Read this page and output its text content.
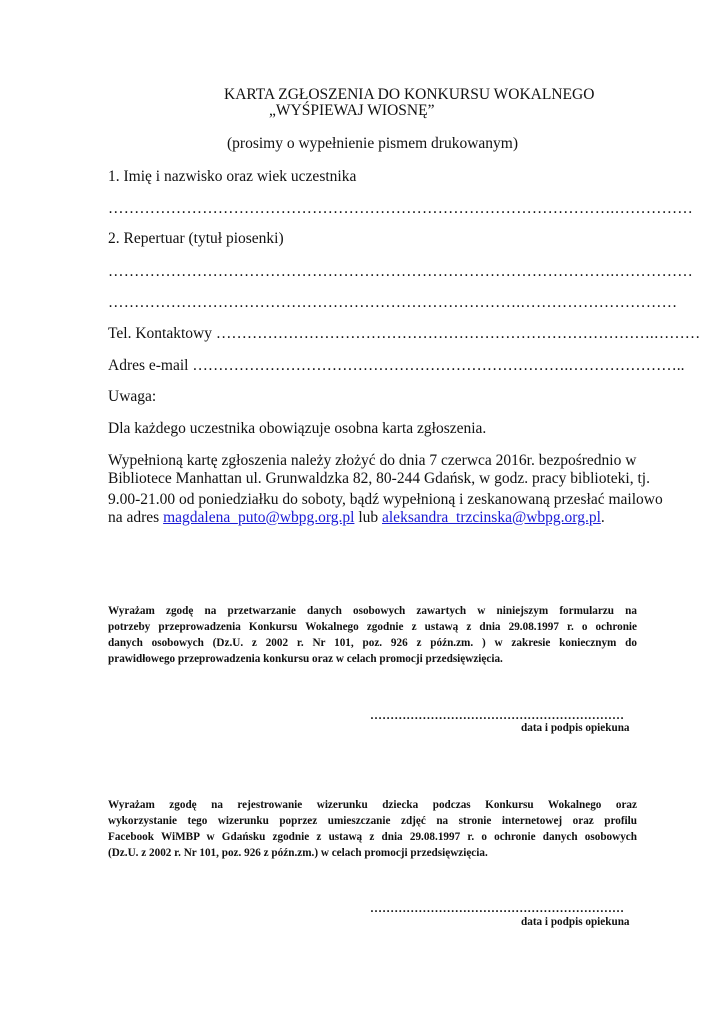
KARTA ZGŁOSZENIA DO KONKURSU WOKALNEGO
„WYŚPIEWAJ WIOSNĘ”
(prosimy o wypełnienie pismem drukowanym)
1. Imię i nazwisko oraz wiek uczestnika
…………………………………………………………………………………….……………
2. Repertuar (tytuł piosenki)
…………………………………………………………………………………….……………
…………………………………………………………………….…………………………
Tel. Kontaktowy ………………………………………………………………………….………
Adres e-mail ……………………………………………………………….…………………..
Uwaga:
Dla każdego uczestnika obowiązuje osobna karta zgłoszenia.
Wypełnioną kartę zgłoszenia należy złożyć do dnia 7 czerwca 2016r. bezpośrednio w
Bibliotece Manhattan ul. Grunwaldzka 82, 80-244 Gdańsk, w godz. pracy biblioteki, tj.
9.00-21.00 od poniedziałku do soboty, bądź wypełnioną i zeskanowaną przesłać mailowo
na adres magdalena_puto@wbpg.org.pl lub aleksandra_trzcinska@wbpg.org.pl.
Wyrażam zgodę na przetwarzanie danych osobowych zawartych w niniejszym formularzu na
potrzeby przeprowadzenia Konkursu Wokalnego zgodnie z ustawą z dnia 29.08.1997 r. o ochronie
danych osobowych (Dz.U. z 2002 r. Nr 101, poz. 926 z późn.zm. ) w zakresie koniecznym do
prawidłowego przeprowadzenia konkursu oraz w celach promocji przedsięwzięcia.
………………………………………………………
data i podpis opiekuna
Wyrażam zgodę na rejestrowanie wizerunku dziecka podczas Konkursu Wokalnego oraz
wykorzystanie tego wizerunku poprzez umieszczanie zdjęć na stronie internetowej oraz profilu
Facebook WiMBP w Gdańsku zgodnie z ustawą z dnia 29.08.1997 r. o ochronie danych osobowych
(Dz.U. z 2002 r. Nr 101, poz. 926 z późn.zm.) w celach promocji przedsięwzięcia.
………………………………………………………
data i podpis opiekuna
